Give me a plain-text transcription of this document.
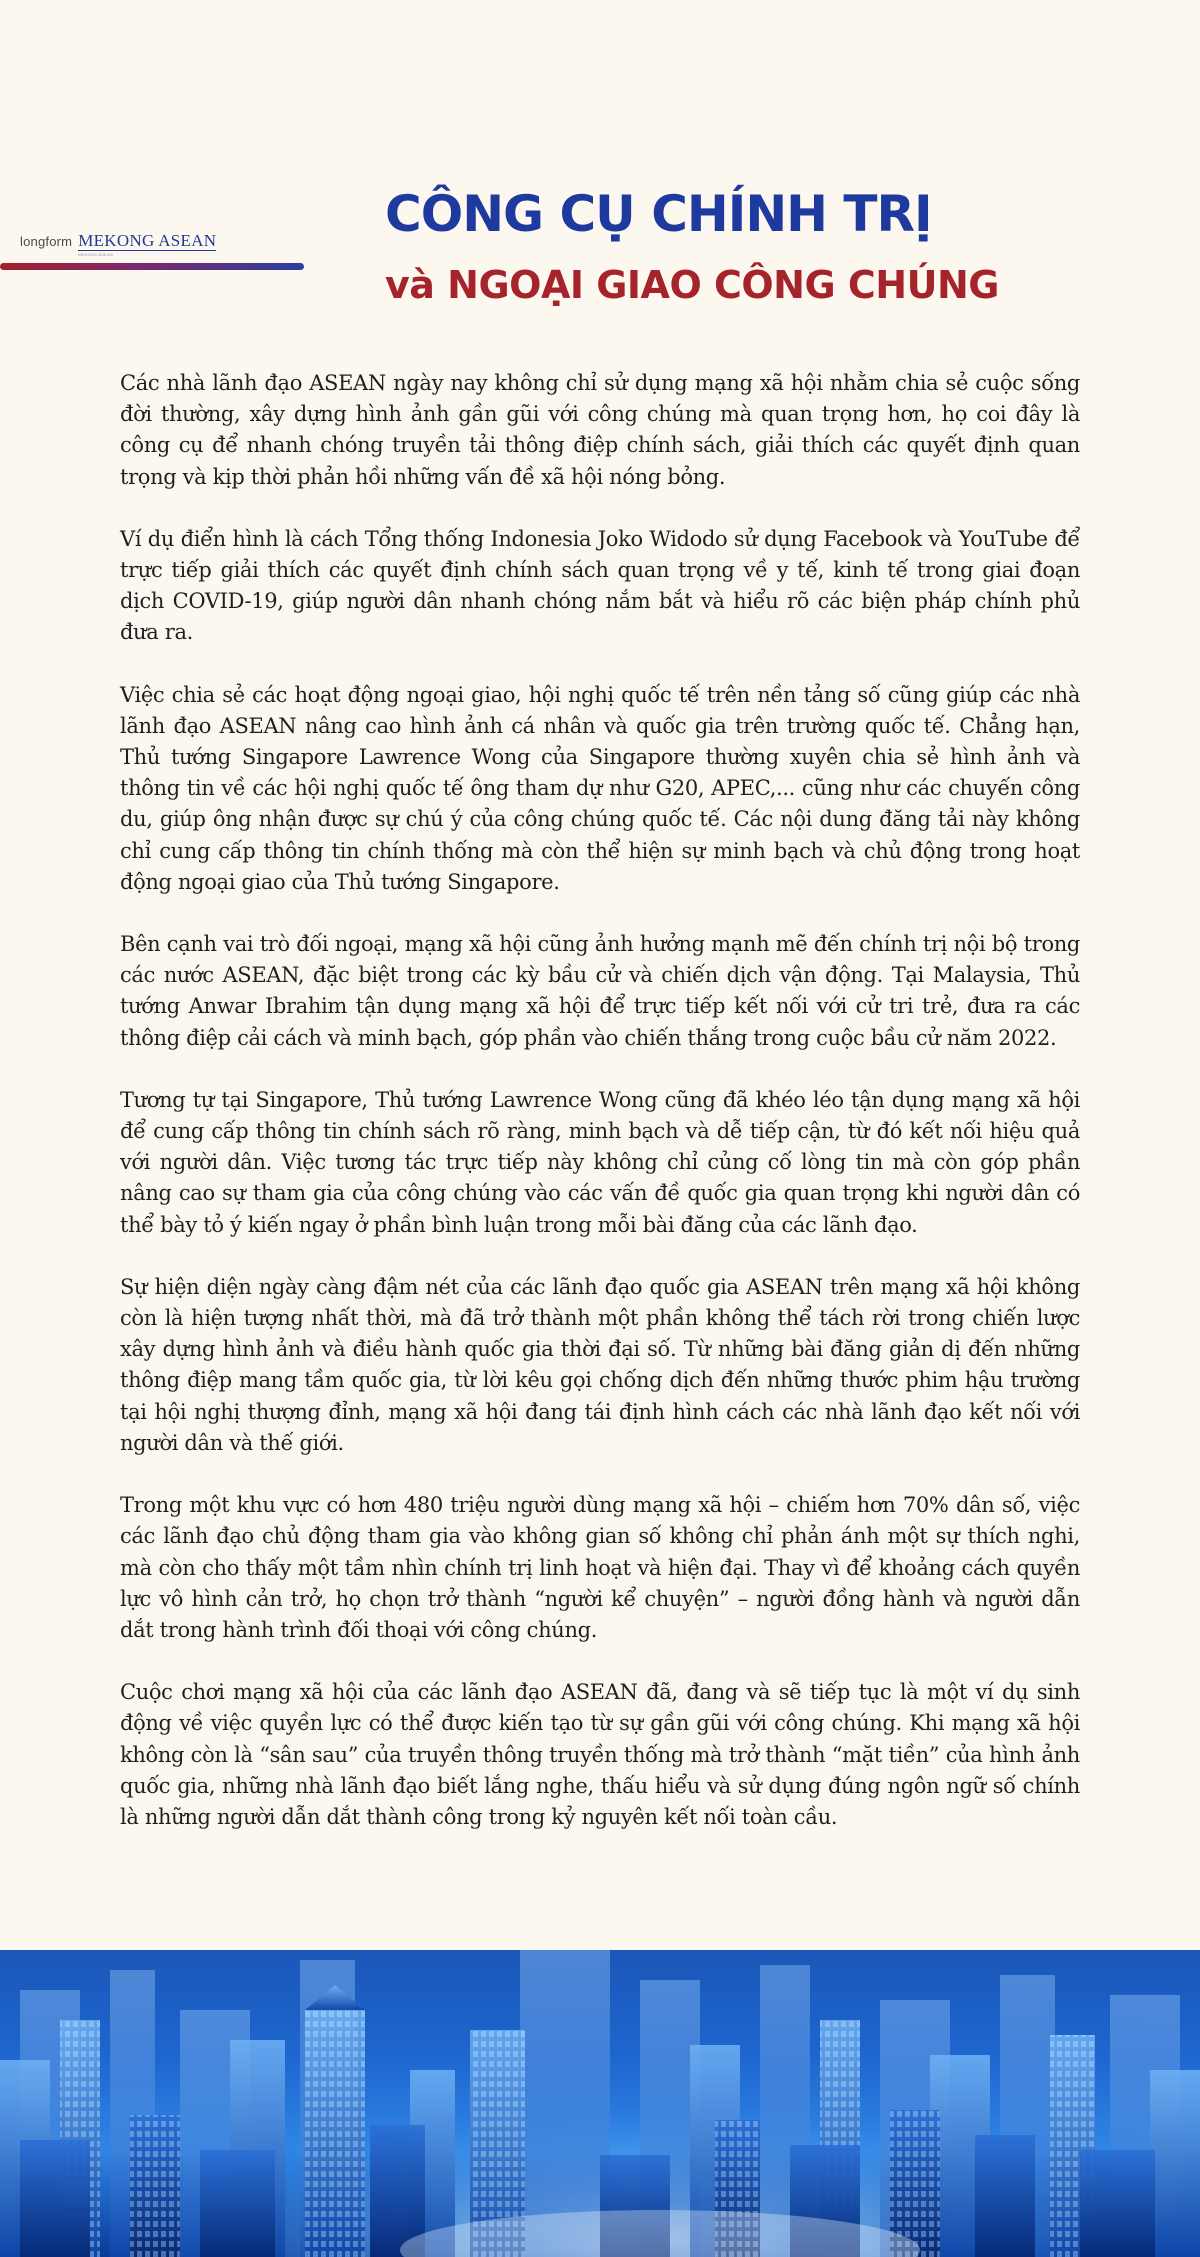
longform MEKONG ASEAN
MEKONG ASEAN
CÔNG CỤ CHÍNH TRỊ
và NGOẠI GIAO CÔNG CHÚNG

Các nhà lãnh đạo ASEAN ngày nay không chỉ sử dụng mạng xã hội nhằm chia sẻ cuộc sống đời thường, xây dựng hình ảnh gần gũi với công chúng mà quan trọng hơn, họ coi đây là công cụ để nhanh chóng truyền tải thông điệp chính sách, giải thích các quyết định quan trọng và kịp thời phản hồi những vấn đề xã hội nóng bỏng.

Ví dụ điển hình là cách Tổng thống Indonesia Joko Widodo sử dụng Facebook và YouTube để trực tiếp giải thích các quyết định chính sách quan trọng về y tế, kinh tế trong giai đoạn dịch COVID-19, giúp người dân nhanh chóng nắm bắt và hiểu rõ các biện pháp chính phủ đưa ra.

Việc chia sẻ các hoạt động ngoại giao, hội nghị quốc tế trên nền tảng số cũng giúp các nhà lãnh đạo ASEAN nâng cao hình ảnh cá nhân và quốc gia trên trường quốc tế. Chẳng hạn, Thủ tướng Singapore Lawrence Wong của Singapore thường xuyên chia sẻ hình ảnh và thông tin về các hội nghị quốc tế ông tham dự như G20, APEC,... cũng như các chuyến công du, giúp ông nhận được sự chú ý của công chúng quốc tế. Các nội dung đăng tải này không chỉ cung cấp thông tin chính thống mà còn thể hiện sự minh bạch và chủ động trong hoạt động ngoại giao của Thủ tướng Singapore.

Bên cạnh vai trò đối ngoại, mạng xã hội cũng ảnh hưởng mạnh mẽ đến chính trị nội bộ trong các nước ASEAN, đặc biệt trong các kỳ bầu cử và chiến dịch vận động. Tại Malaysia, Thủ tướng Anwar Ibrahim tận dụng mạng xã hội để trực tiếp kết nối với cử tri trẻ, đưa ra các thông điệp cải cách và minh bạch, góp phần vào chiến thắng trong cuộc bầu cử năm 2022.

Tương tự tại Singapore, Thủ tướng Lawrence Wong cũng đã khéo léo tận dụng mạng xã hội để cung cấp thông tin chính sách rõ ràng, minh bạch và dễ tiếp cận, từ đó kết nối hiệu quả với người dân. Việc tương tác trực tiếp này không chỉ củng cố lòng tin mà còn góp phần nâng cao sự tham gia của công chúng vào các vấn đề quốc gia quan trọng khi người dân có thể bày tỏ ý kiến ngay ở phần bình luận trong mỗi bài đăng của các lãnh đạo.

Sự hiện diện ngày càng đậm nét của các lãnh đạo quốc gia ASEAN trên mạng xã hội không còn là hiện tượng nhất thời, mà đã trở thành một phần không thể tách rời trong chiến lược xây dựng hình ảnh và điều hành quốc gia thời đại số. Từ những bài đăng giản dị đến những thông điệp mang tầm quốc gia, từ lời kêu gọi chống dịch đến những thước phim hậu trường tại hội nghị thượng đỉnh, mạng xã hội đang tái định hình cách các nhà lãnh đạo kết nối với người dân và thế giới.

Trong một khu vực có hơn 480 triệu người dùng mạng xã hội – chiếm hơn 70% dân số, việc các lãnh đạo chủ động tham gia vào không gian số không chỉ phản ánh một sự thích nghi, mà còn cho thấy một tầm nhìn chính trị linh hoạt và hiện đại. Thay vì để khoảng cách quyền lực vô hình cản trở, họ chọn trở thành “người kể chuyện” – người đồng hành và người dẫn dắt trong hành trình đối thoại với công chúng.

Cuộc chơi mạng xã hội của các lãnh đạo ASEAN đã, đang và sẽ tiếp tục là một ví dụ sinh động về việc quyền lực có thể được kiến tạo từ sự gần gũi với công chúng. Khi mạng xã hội không còn là “sân sau” của truyền thông truyền thống mà trở thành “mặt tiền” của hình ảnh quốc gia, những nhà lãnh đạo biết lắng nghe, thấu hiểu và sử dụng đúng ngôn ngữ số chính là những người dẫn dắt thành công trong kỷ nguyên kết nối toàn cầu.
